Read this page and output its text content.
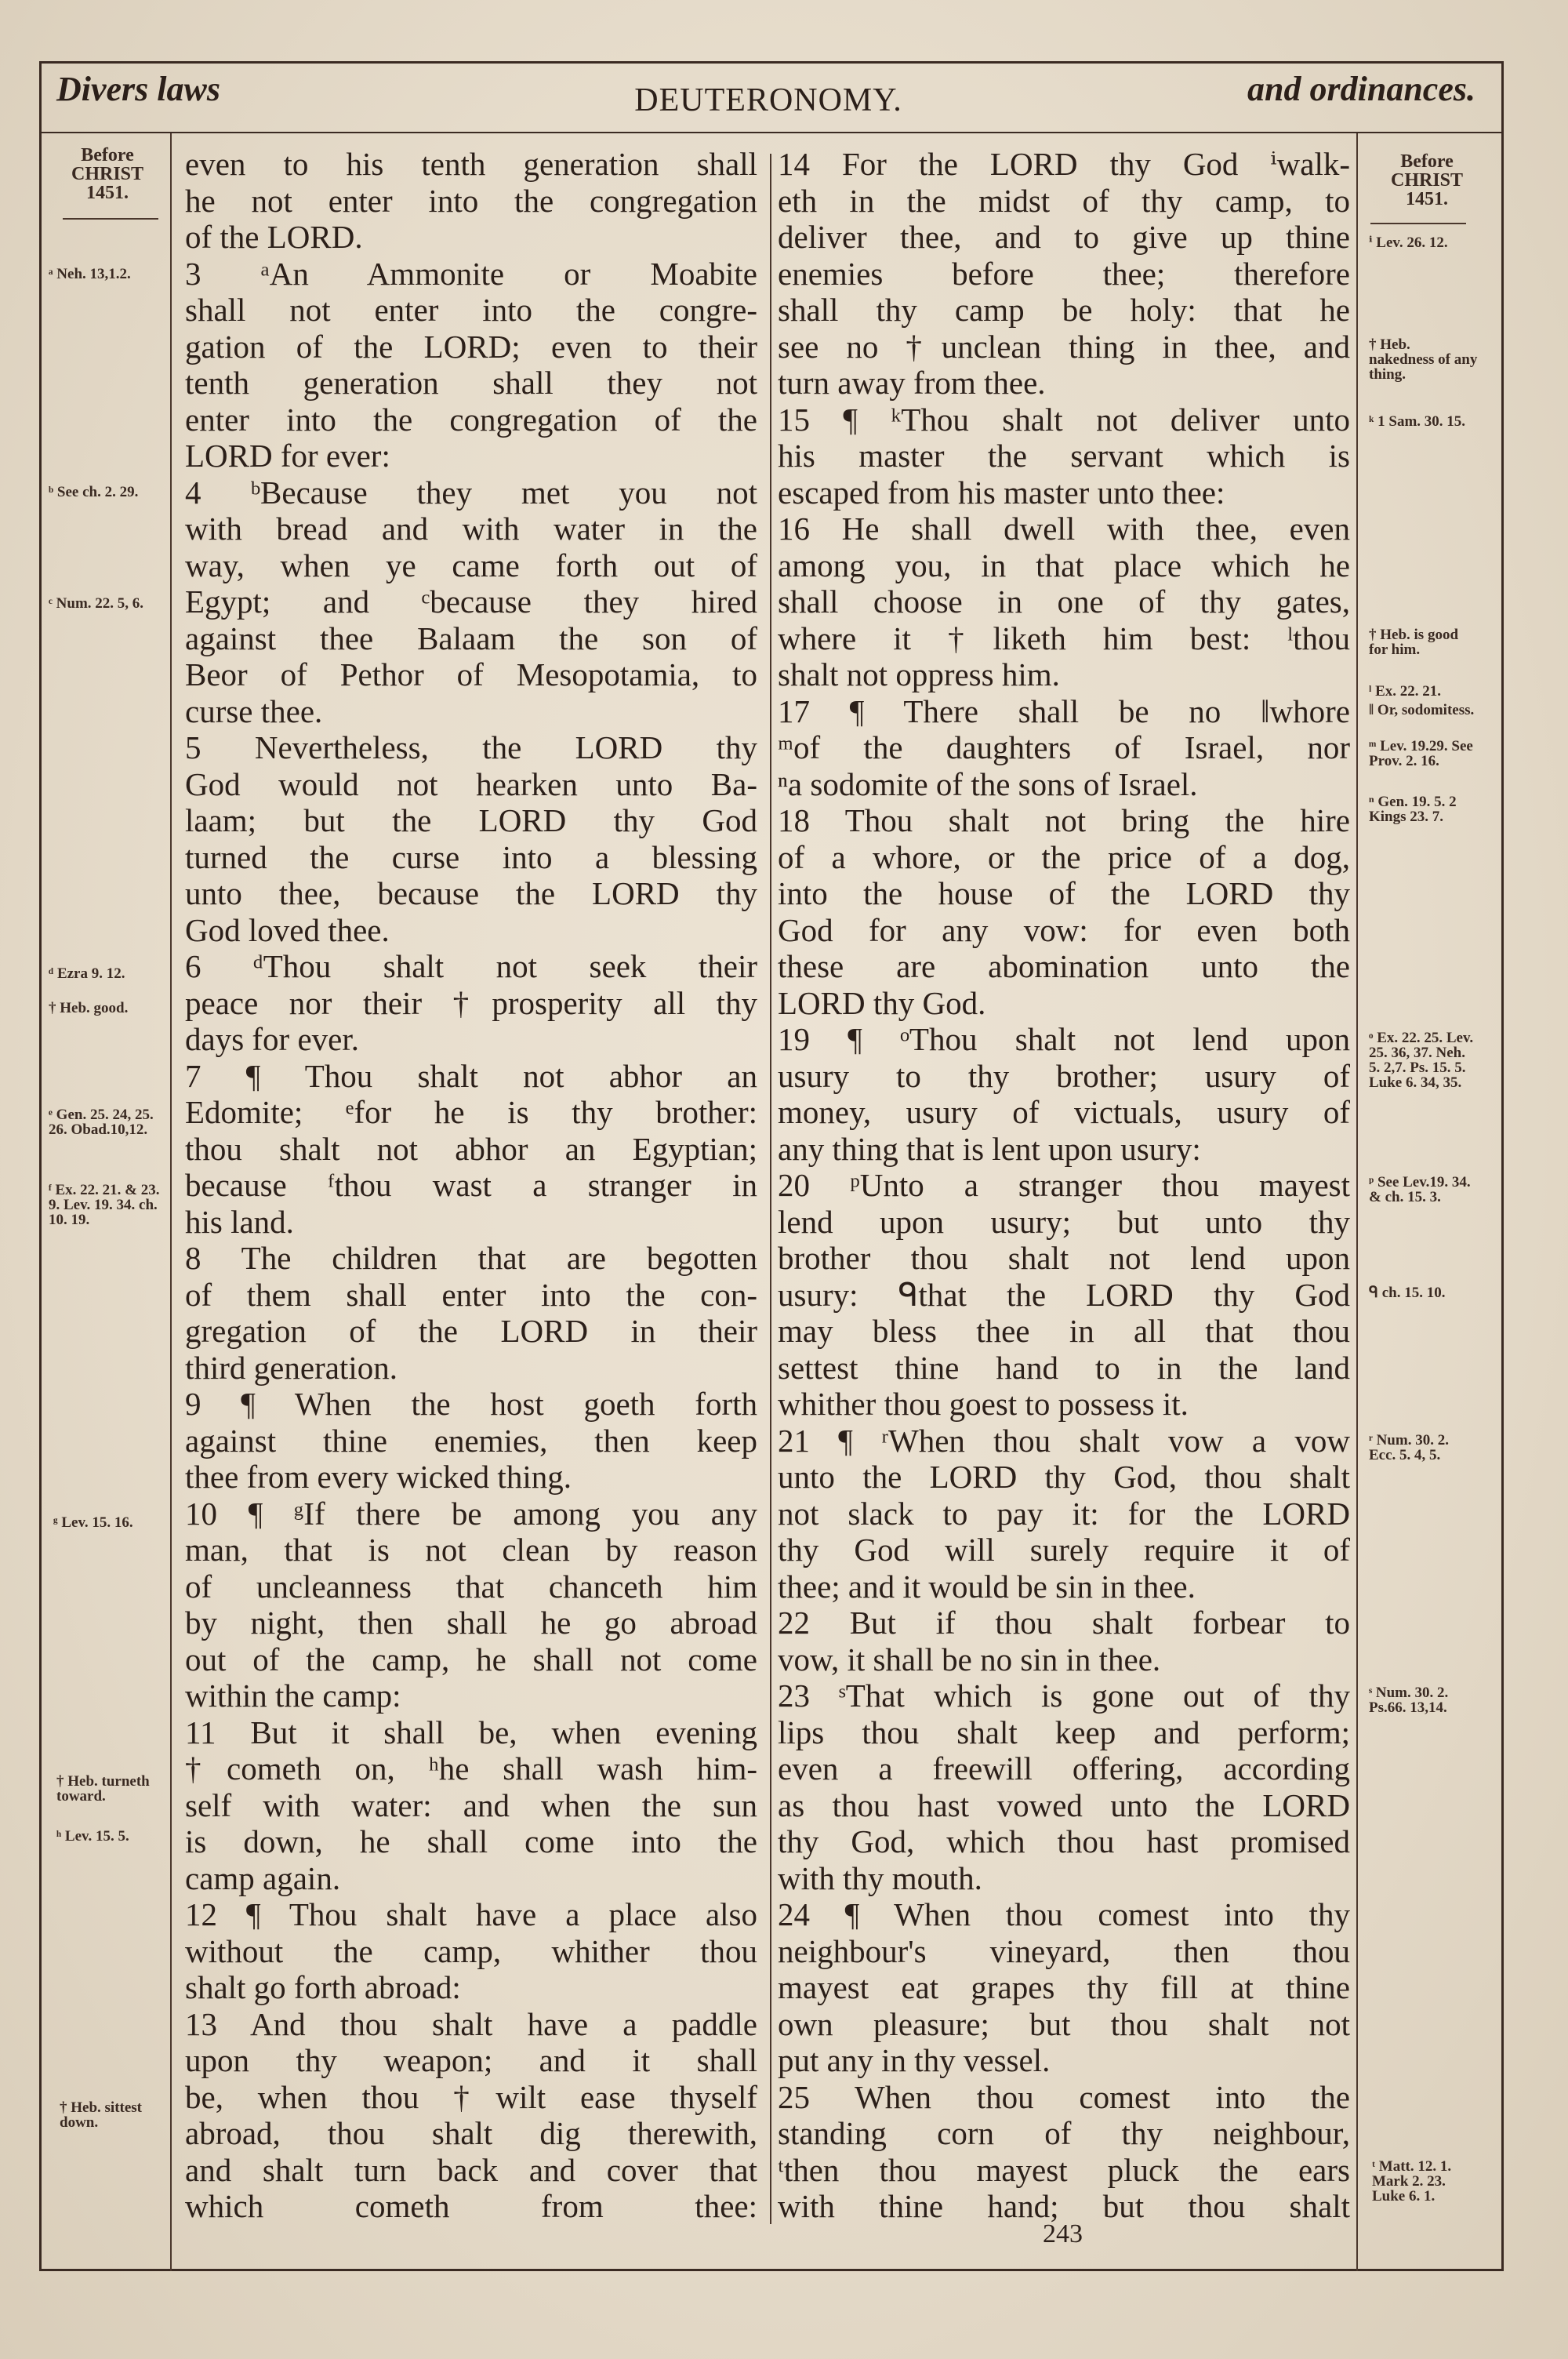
Divers laws	DEUTERONOMY.	and ordinances.
Before
CHRIST
1451.
Before
CHRIST
1451.
even to his tenth generation shall
he not enter into the congregation
of the LORD.
3 ᵃAn Ammonite or Moabite
shall not enter into the congre-
gation of the LORD; even to their
tenth generation shall they not
enter into the congregation of the
LORD for ever:
4 ᵇBecause they met you not
with bread and with water in the
way, when ye came forth out of
Egypt; and ᶜbecause they hired
against thee Balaam the son of
Beor of Pethor of Mesopotamia, to
curse thee.
5 Nevertheless, the LORD thy
God would not hearken unto Ba-
laam; but the LORD thy God
turned the curse into a blessing
unto thee, because the LORD thy
God loved thee.
6 ᵈThou shalt not seek their
peace nor their †prosperity all thy
days for ever.
7 ¶ Thou shalt not abhor an
Edomite; ᵉfor he is thy brother:
thou shalt not abhor an Egyptian;
because ᶠthou wast a stranger in
his land.
8 The children that are begotten
of them shall enter into the con-
gregation of the LORD in their
third generation.
9 ¶ When the host goeth forth
against thine enemies, then keep
thee from every wicked thing.
10 ¶ ᵍIf there be among you any
man, that is not clean by reason
of uncleanness that chanceth him
by night, then shall he go abroad
out of the camp, he shall not come
within the camp:
11 But it shall be, when evening
†cometh on, ʰhe shall wash him-
self with water: and when the sun
is down, he shall come into the
camp again.
12 ¶ Thou shalt have a place also
without the camp, whither thou
shalt go forth abroad:
13 And thou shalt have a paddle
upon thy weapon; and it shall
be, when thou †wilt ease thyself
abroad, thou shalt dig therewith,
and shalt turn back and cover that
which cometh from thee:
14 For the LORD thy God ⁱwalk-
eth in the midst of thy camp, to
deliver thee, and to give up thine
enemies before thee; therefore
shall thy camp be holy: that he
see no †unclean thing in thee, and
turn away from thee.
15 ¶ ᵏThou shalt not deliver unto
his master the servant which is
escaped from his master unto thee:
16 He shall dwell with thee, even
among you, in that place which he
shall choose in one of thy gates,
where it †liketh him best: ˡthou
shalt not oppress him.
17 ¶ There shall be no ‖whore
ᵐof the daughters of Israel, nor
ⁿa sodomite of the sons of Israel.
18 Thou shalt not bring the hire
of a whore, or the price of a dog,
into the house of the LORD thy
God for any vow: for even both
these are abomination unto the
LORD thy God.
19 ¶ ᵒThou shalt not lend upon
usury to thy brother; usury of
money, usury of victuals, usury of
any thing that is lent upon usury:
20 ᵖUnto a stranger thou mayest
lend upon usury; but unto thy
brother thou shalt not lend upon
usury: ᑫthat the LORD thy God
may bless thee in all that thou
settest thine hand to in the land
whither thou goest to possess it.
21 ¶ ʳWhen thou shalt vow a vow
unto the LORD thy God, thou shalt
not slack to pay it: for the LORD
thy God will surely require it of
thee; and it would be sin in thee.
22 But if thou shalt forbear to
vow, it shall be no sin in thee.
23 ˢThat which is gone out of thy
lips thou shalt keep and perform;
even a freewill offering, according
as thou hast vowed unto the LORD
thy God, which thou hast promised
with thy mouth.
24 ¶ When thou comest into thy
neighbour's vineyard, then thou
mayest eat grapes thy fill at thine
own pleasure; but thou shalt not
put any in thy vessel.
25 When thou comest into the
standing corn of thy neighbour,
ᵗthen thou mayest pluck the ears
with thine hand; but thou shalt
ᵃ Neh. 13,1.2.
ᵇ See ch. 2. 29.
ᶜ Num. 22. 5, 6.
ᵈ Ezra 9. 12.
† Heb. good.
ᵉ Gen. 25. 24, 25. 26. Obad.10,12.
ᶠ Ex. 22. 21. & 23. 9. Lev. 19. 34. ch. 10. 19.
ᵍ Lev. 15. 16.
† Heb. turneth toward.
ʰ Lev. 15. 5.
† Heb. sittest down.
ⁱ Lev. 26. 12.
† Heb. nakedness of any thing.
ᵏ 1 Sam. 30. 15.
† Heb. is good for him.
ˡ Ex. 22. 21.
‖ Or, sodomitess.
ᵐ Lev. 19.29. See Prov. 2. 16.
ⁿ Gen. 19. 5. 2 Kings 23. 7.
ᵒ Ex. 22. 25. Lev. 25. 36, 37. Neh. 5. 2,7. Ps. 15. 5. Luke 6. 34, 35.
ᵖ See Lev.19. 34. & ch. 15. 3.
ᑫ ch. 15. 10.
ʳ Num. 30. 2. Ecc. 5. 4, 5.
ˢ Num. 30. 2. Ps.66. 13,14.
ᵗ Matt. 12. 1. Mark 2. 23. Luke 6. 1.
243
